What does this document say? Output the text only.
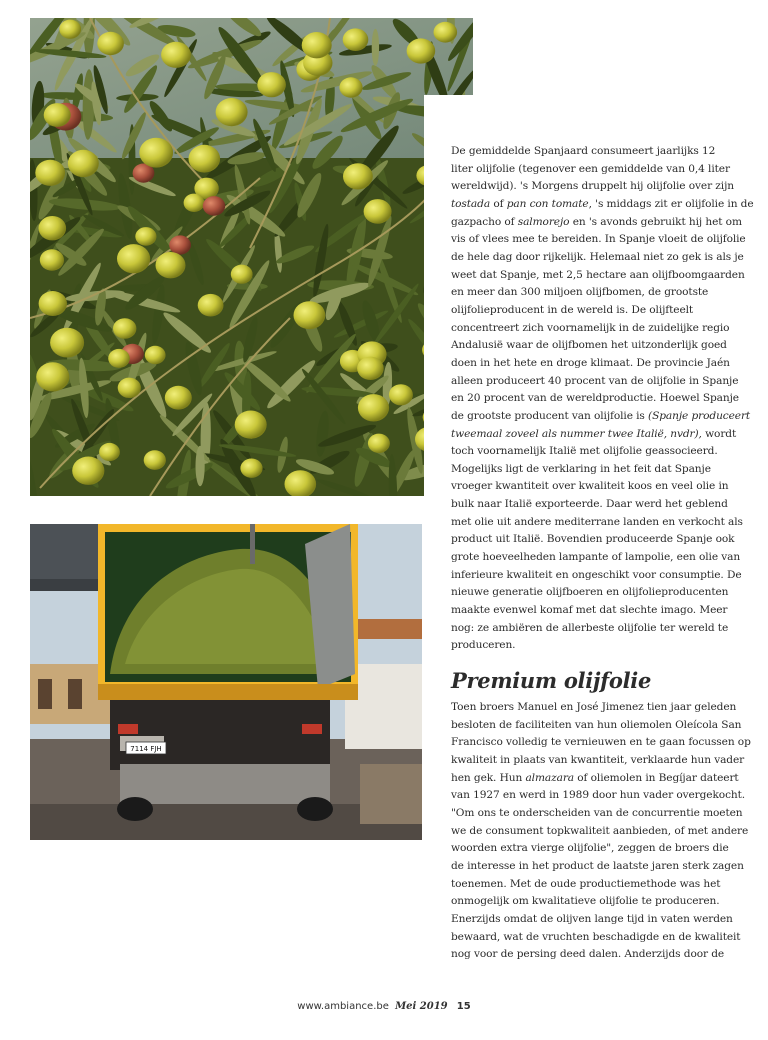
7114 FJH

De gemiddelde Spanjaard consumeert jaarlijks 12

liter olijfolie (tegenover een gemiddelde van 0,4 liter

wereldwijd). 's Morgens druppelt hij olijfolie over zijn

tostada of pan con tomate, 's middags zit er olijfolie in de

gazpacho of salmorejo en 's avonds gebruikt hij het om

vis of vlees mee te bereiden. In Spanje vloeit de olijfolie

de hele dag door rijkelijk. Helemaal niet zo gek is als je

weet dat Spanje, met 2,5 hectare aan olijfboomgaarden

en meer dan 300 miljoen olijfbomen, de grootste

olijfolieproducent in de wereld is. De olijfteelt

concentreert zich voornamelijk in de zuidelijke regio

Andalusië waar de olijfbomen het uitzonderlijk goed

doen in het hete en droge klimaat. De provincie Jaén

alleen produceert 40 procent van de olijfolie in Spanje

en 20 procent van de wereldproductie. Hoewel Spanje

de grootste producent van olijfolie is (Spanje produceert

tweemaal zoveel als nummer twee Italië, nvdr), wordt

toch voornamelijk Italië met olijfolie geassocieerd.

Mogelijks ligt de verklaring in het feit dat Spanje

vroeger kwantiteit over kwaliteit koos en veel olie in

bulk naar Italië exporteerde. Daar werd het geblend

met olie uit andere mediterrane landen en verkocht als

product uit Italië. Bovendien produceerde Spanje ook

grote hoeveelheden lampante of lampolie, een olie van

inferieure kwaliteit en ongeschikt voor consumptie. De

nieuwe generatie olijfboeren en olijfolieproducenten

maakte evenwel komaf met dat slechte imago. Meer

nog: ze ambiëren de allerbeste olijfolie ter wereld te

produceren.

Premium olijfolie

Toen broers Manuel en José Jimenez tien jaar geleden

besloten de faciliteiten van hun oliemolen Oleícola San

Francisco volledig te vernieuwen en te gaan focussen op

kwaliteit in plaats van kwantiteit, verklaarde hun vader

hen gek. Hun almazara of oliemolen in Begíjar dateert

van 1927 en werd in 1989 door hun vader overgekocht.

"Om ons te onderscheiden van de concurrentie moeten

we de consument topkwaliteit aanbieden, of met andere

woorden extra vierge olijfolie", zeggen de broers die

de interesse in het product de laatste jaren sterk zagen

toenemen. Met de oude productiemethode was het

onmogelijk om kwalitatieve olijfolie te produceren.

Enerzijds omdat de olijven lange tijd in vaten werden

bewaard, wat de vruchten beschadigde en de kwaliteit

nog voor de persing deed dalen. Anderzijds door de

www.ambiance.be Mei 2019 15
